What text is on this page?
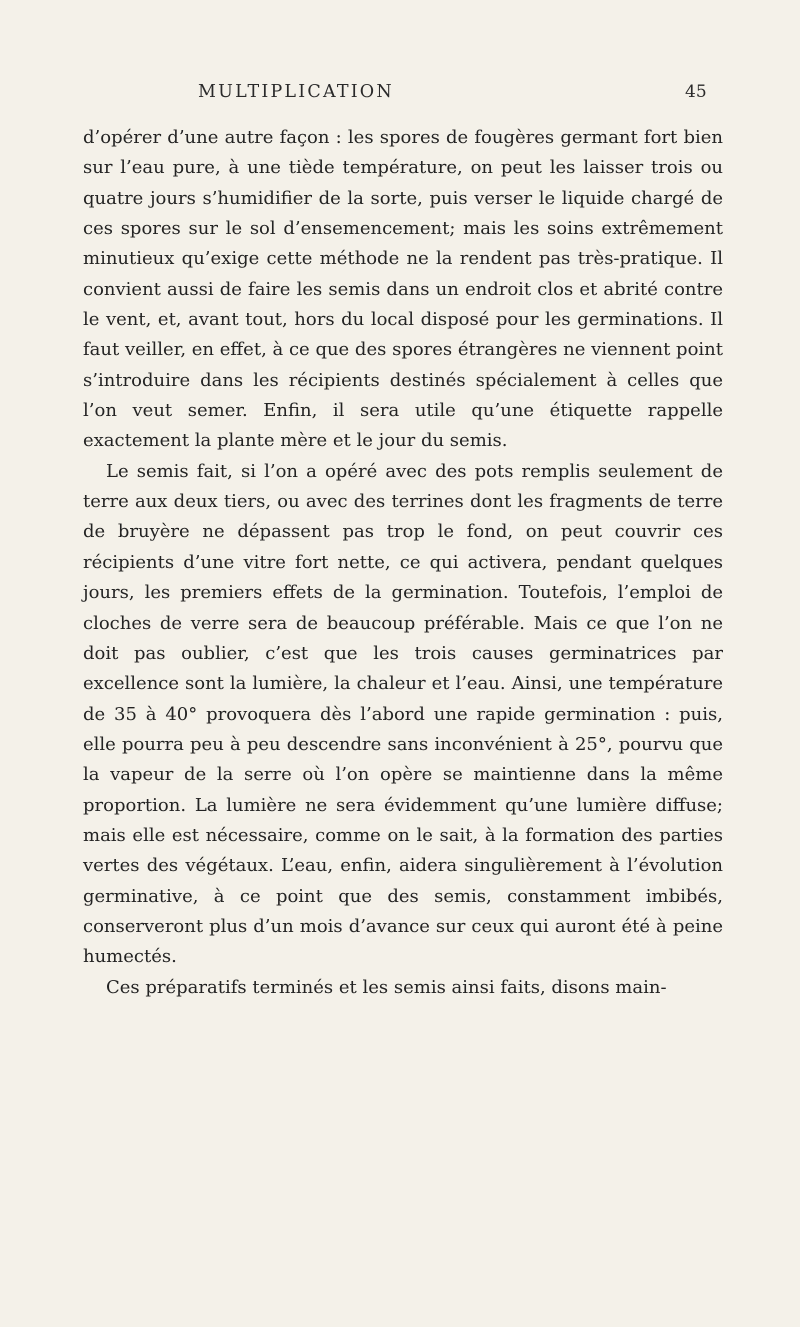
MULTIPLICATION	45

d’opérer d’une autre façon : les spores de fougères germant fort bien sur l’eau pure, à une tiède température, on peut les laisser trois ou quatre jours s’humidifier de la sorte, puis verser le liquide chargé de ces spores sur le sol d’ensemencement; mais les soins extrêmement minutieux qu’exige cette méthode ne la rendent pas très-pratique. Il convient aussi de faire les semis dans un endroit clos et abrité contre le vent, et, avant tout, hors du local disposé pour les germinations. Il faut veiller, en effet, à ce que des spores étrangères ne viennent point s’introduire dans les récipients destinés spécialement à celles que l’on veut semer. Enfin, il sera utile qu’une étiquette rappelle exactement la plante mère et le jour du semis.

Le semis fait, si l’on a opéré avec des pots remplis seulement de terre aux deux tiers, ou avec des terrines dont les fragments de terre de bruyère ne dépassent pas trop le fond, on peut couvrir ces récipients d’une vitre fort nette, ce qui activera, pendant quelques jours, les premiers effets de la germination. Toutefois, l’emploi de cloches de verre sera de beaucoup préférable. Mais ce que l’on ne doit pas oublier, c’est que les trois causes germinatrices par excellence sont la lumière, la chaleur et l’eau. Ainsi, une température de 35 à 40° provoquera dès l’abord une rapide germination : puis, elle pourra peu à peu descendre sans inconvénient à 25°, pourvu que la vapeur de la serre où l’on opère se maintienne dans la même proportion. La lumière ne sera évidemment qu’une lumière diffuse; mais elle est nécessaire, comme on le sait, à la formation des parties vertes des végétaux. L’eau, enfin, aidera singulièrement à l’évolution germinative, à ce point que des semis, constamment imbibés, conserveront plus d’un mois d’avance sur ceux qui auront été à peine humectés.

Ces préparatifs terminés et les semis ainsi faits, disons main-
